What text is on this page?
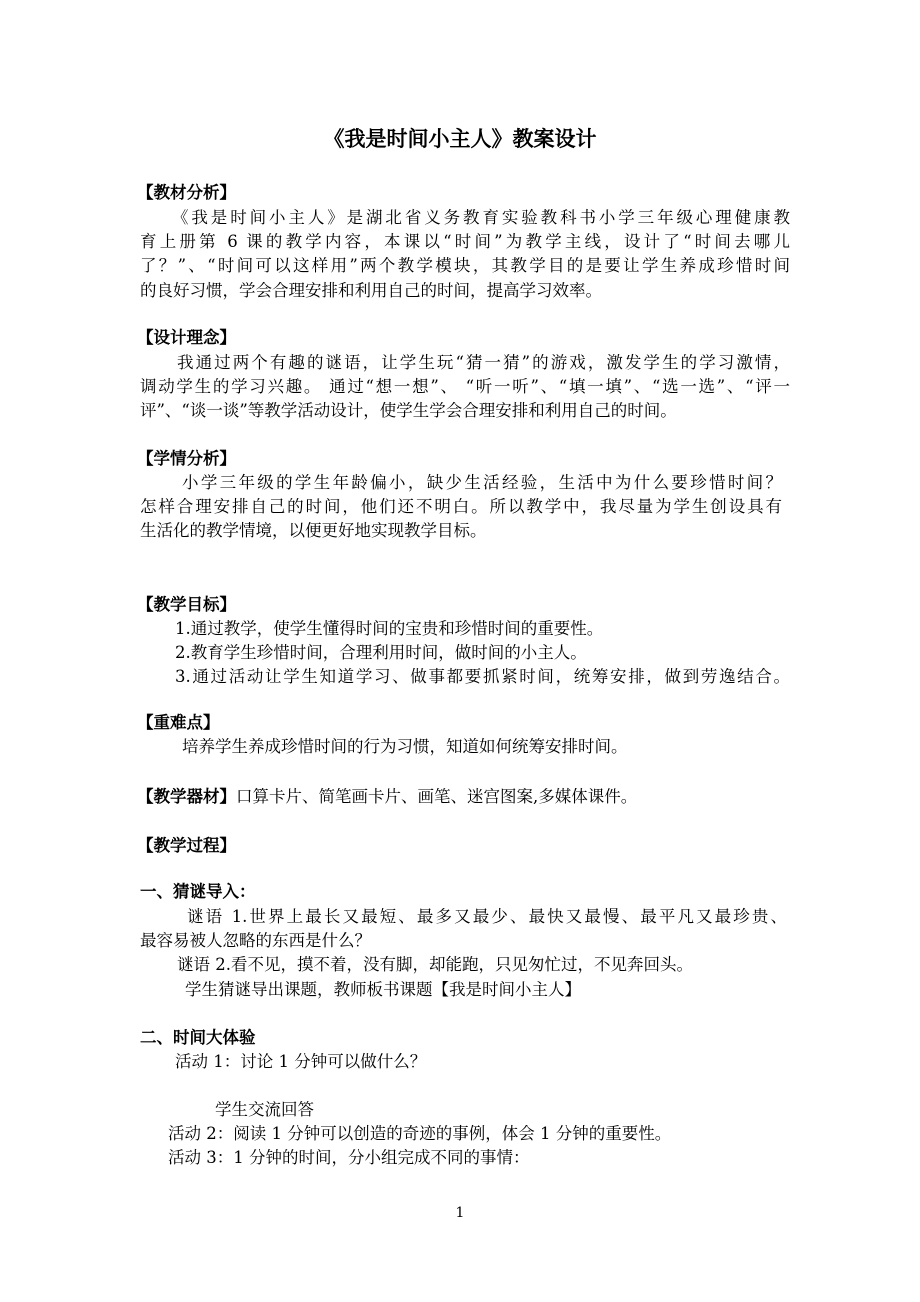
《我是时间小主人》教案设计
【教材分析】
《我是时间小主人》是湖北省义务教育实验教科书小学三年级心理健康教
育上册第 6 课的教学内容，本课以“时间”为教学主线，设计了“时间去哪儿
了？”、“时间可以这样用”两个教学模块，其教学目的是要让学生养成珍惜时间
的良好习惯，学会合理安排和利用自己的时间，提高学习效率。
【设计理念】
我通过两个有趣的谜语，让学生玩“猜一猜”的游戏，激发学生的学习激情，
调动学生的学习兴趣。 通过“想一想”、 “听一听”、“填一填”、“选一选”、“评一
评”、“谈一谈”等教学活动设计，使学生学会合理安排和利用自己的时间。
【学情分析】
小学三年级的学生年龄偏小，缺少生活经验，生活中为什么要珍惜时间？
怎样合理安排自己的时间，他们还不明白。所以教学中，我尽量为学生创设具有
生活化的教学情境，以便更好地实现教学目标。
【教学目标】
1.通过教学，使学生懂得时间的宝贵和珍惜时间的重要性。
2.教育学生珍惜时间，合理利用时间，做时间的小主人。
3.通过活动让学生知道学习、做事都要抓紧时间，统筹安排，做到劳逸结合。
【重难点】
培养学生养成珍惜时间的行为习惯，知道如何统筹安排时间。
【教学器材】口算卡片、简笔画卡片、画笔、迷宫图案,多媒体课件。
【教学过程】
一、猜谜导入：
谜语 1.世界上最长又最短、最多又最少、最快又最慢、最平凡又最珍贵、
最容易被人忽略的东西是什么？
谜语 2.看不见，摸不着，没有脚，却能跑，只见匆忙过，不见奔回头。
学生猜谜导出课题，教师板书课题【我是时间小主人】
二、时间大体验
活动 1：讨论 1 分钟可以做什么？
学生交流回答
活动 2：阅读 1 分钟可以创造的奇迹的事例，体会 1 分钟的重要性。
活动 3：1 分钟的时间，分小组完成不同的事情：
1
